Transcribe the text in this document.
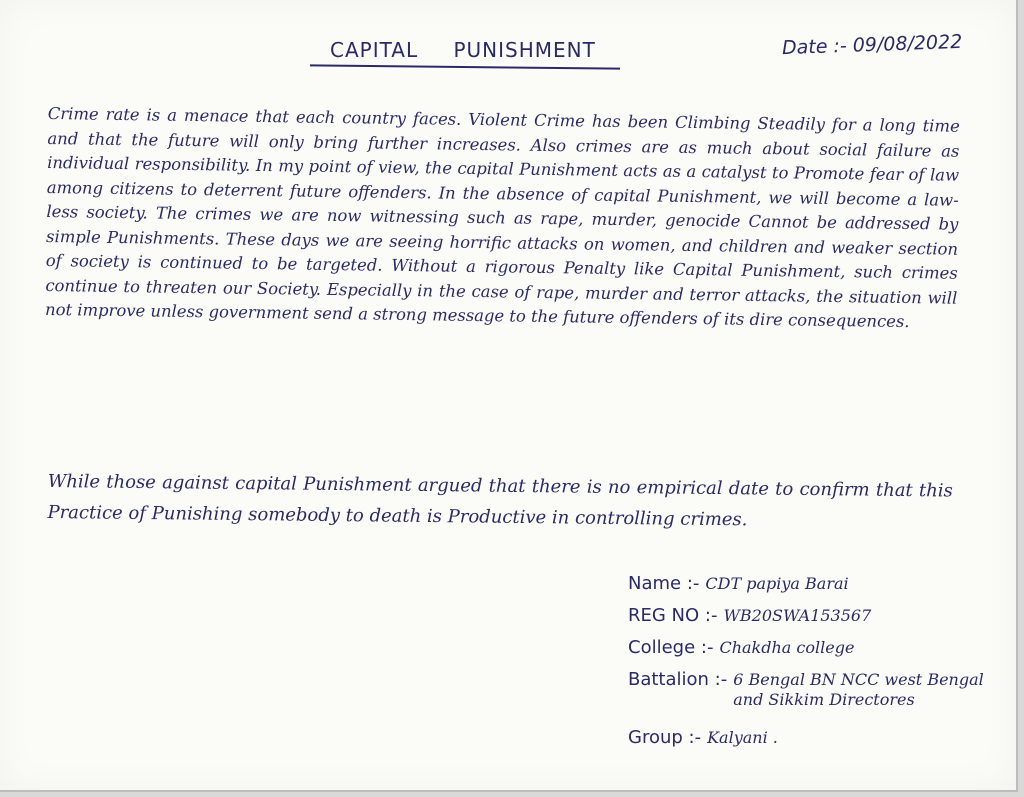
CAPITAL PUNISHMENT	Date :- 09/08/2022

Crime rate is a menace that each country faces. Violent Crime has been Climbing Steadily for a long time and that the future will only bring further increases. Also crimes are as much about social failure as individual responsibility. In my point of view, the capital Punishment acts as a catalyst to Promote fear of law among citizens to deterrent future offenders. In the absence of capital Punishment, we will become a law-less society. The crimes we are now witnessing such as rape, murder, genocide Cannot be addressed by simple Punishments. These days we are seeing horrific attacks on women, and children and weaker section of society is continued to be targeted. Without a rigorous Penalty like Capital Punishment, such crimes continue to threaten our Society. Especially in the case of rape, murder and terror attacks, the situation will not improve unless government send a strong message to the future offenders of its dire consequences.

While those against capital Punishment argued that there is no empirical date to confirm that this Practice of Punishing somebody to death is Productive in controlling crimes.

Name :- CDT papiya Barai
REG NO :- WB20SWA153567
College :- Chakdha college
Battalion :- 6 Bengal BN NCC west Bengal
and Sikkim Directores
Group :- Kalyani .
